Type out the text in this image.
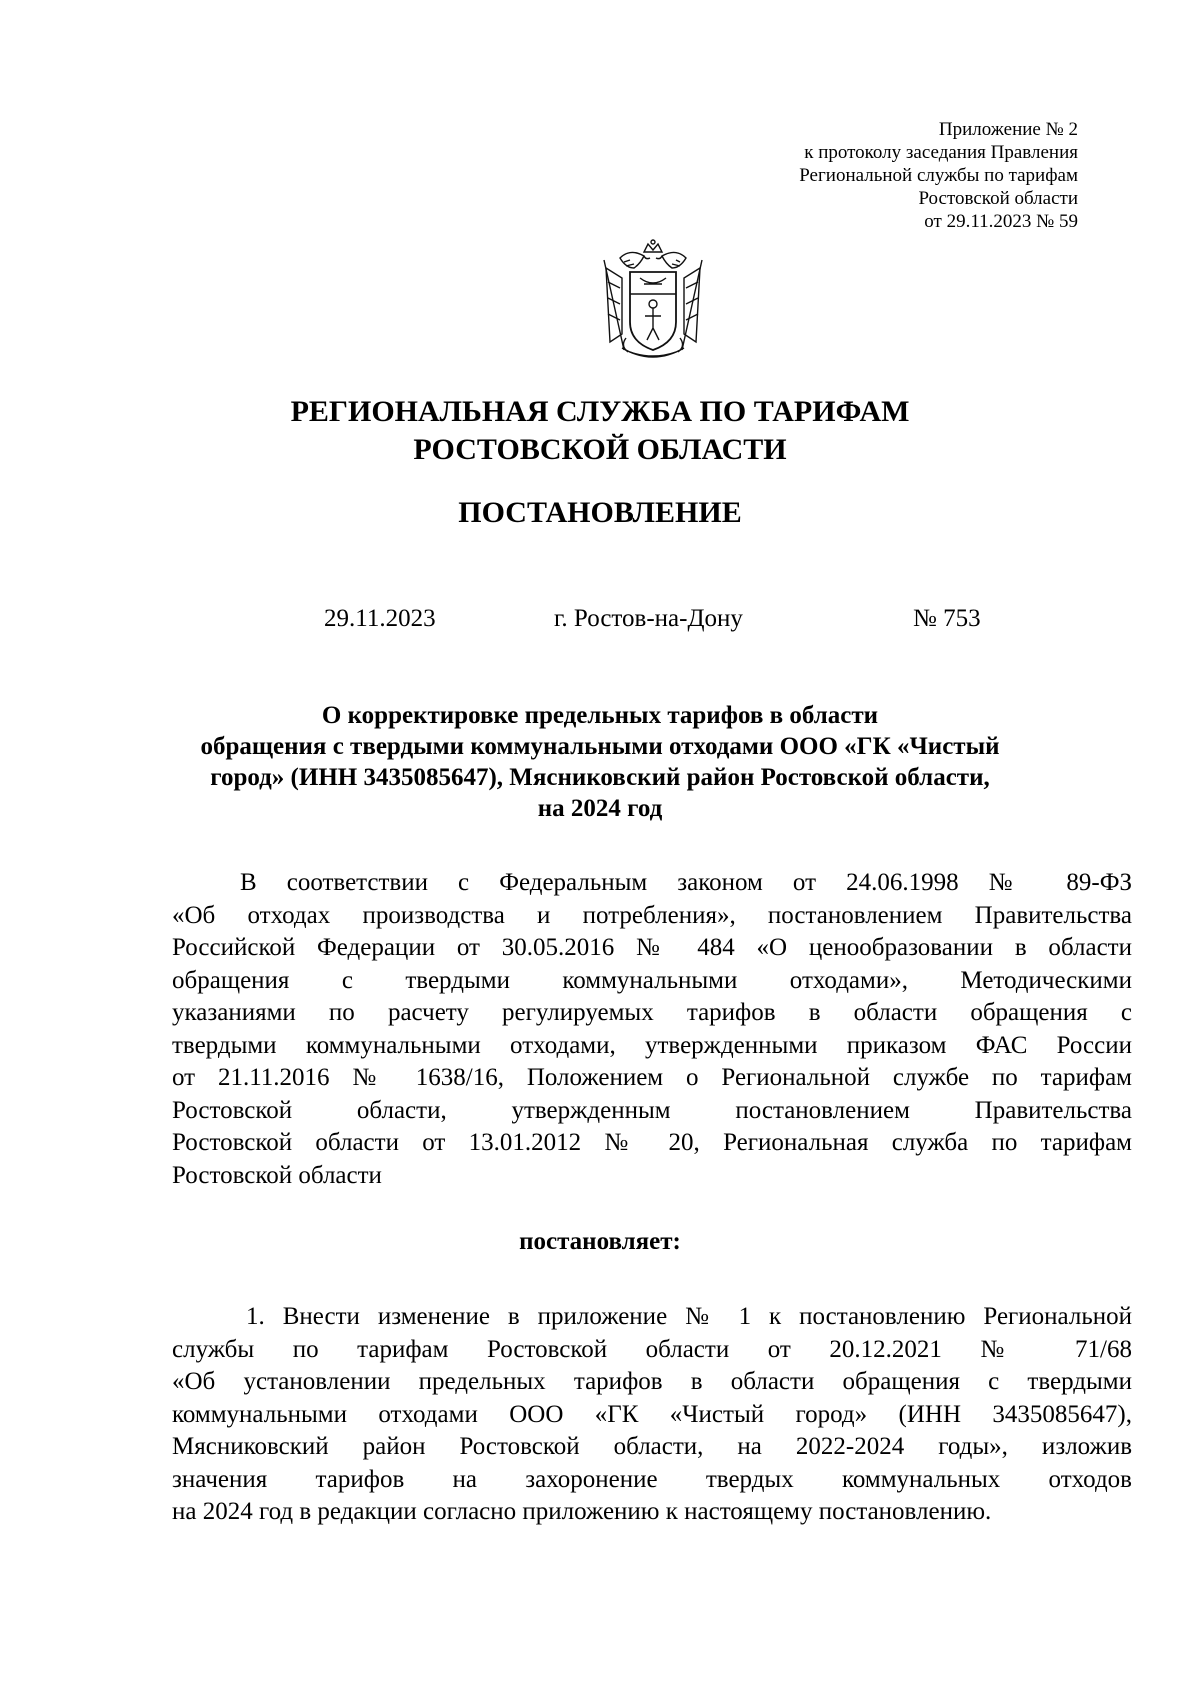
Приложение № 2
к протоколу заседания Правления
Региональной службы по тарифам
Ростовской области
от 29.11.2023 № 59
РЕГИОНАЛЬНАЯ СЛУЖБА ПО ТАРИФАМ
РОСТОВСКОЙ ОБЛАСТИ
ПОСТАНОВЛЕНИЕ
29.11.2023	г. Ростов-на-Дону	№ 753
О корректировке предельных тарифов в области
обращения с твердыми коммунальными отходами ООО «ГК «Чистый
город» (ИНН 3435085647), Мясниковский район Ростовской области,
на 2024 год
В соответствии с Федеральным законом от 24.06.1998 № 89-ФЗ
«Об отходах производства и потребления», постановлением Правительства
Российской Федерации от 30.05.2016 № 484 «О ценообразовании в области
обращения с твердыми коммунальными отходами», Методическими
указаниями по расчету регулируемых тарифов в области обращения с
твердыми коммунальными отходами, утвержденными приказом ФАС России
от 21.11.2016 № 1638/16, Положением о Региональной службе по тарифам
Ростовской области, утвержденным постановлением Правительства
Ростовской области от 13.01.2012 № 20, Региональная служба по тарифам
Ростовской области
постановляет:
1. Внести изменение в приложение № 1 к постановлению Региональной
службы по тарифам Ростовской области от 20.12.2021 № 71/68
«Об установлении предельных тарифов в области обращения с твердыми
коммунальными отходами ООО «ГК «Чистый город» (ИНН 3435085647),
Мясниковский район Ростовской области, на 2022-2024 годы», изложив
значения тарифов на захоронение твердых коммунальных отходов
на 2024 год в редакции согласно приложению к настоящему постановлению.
